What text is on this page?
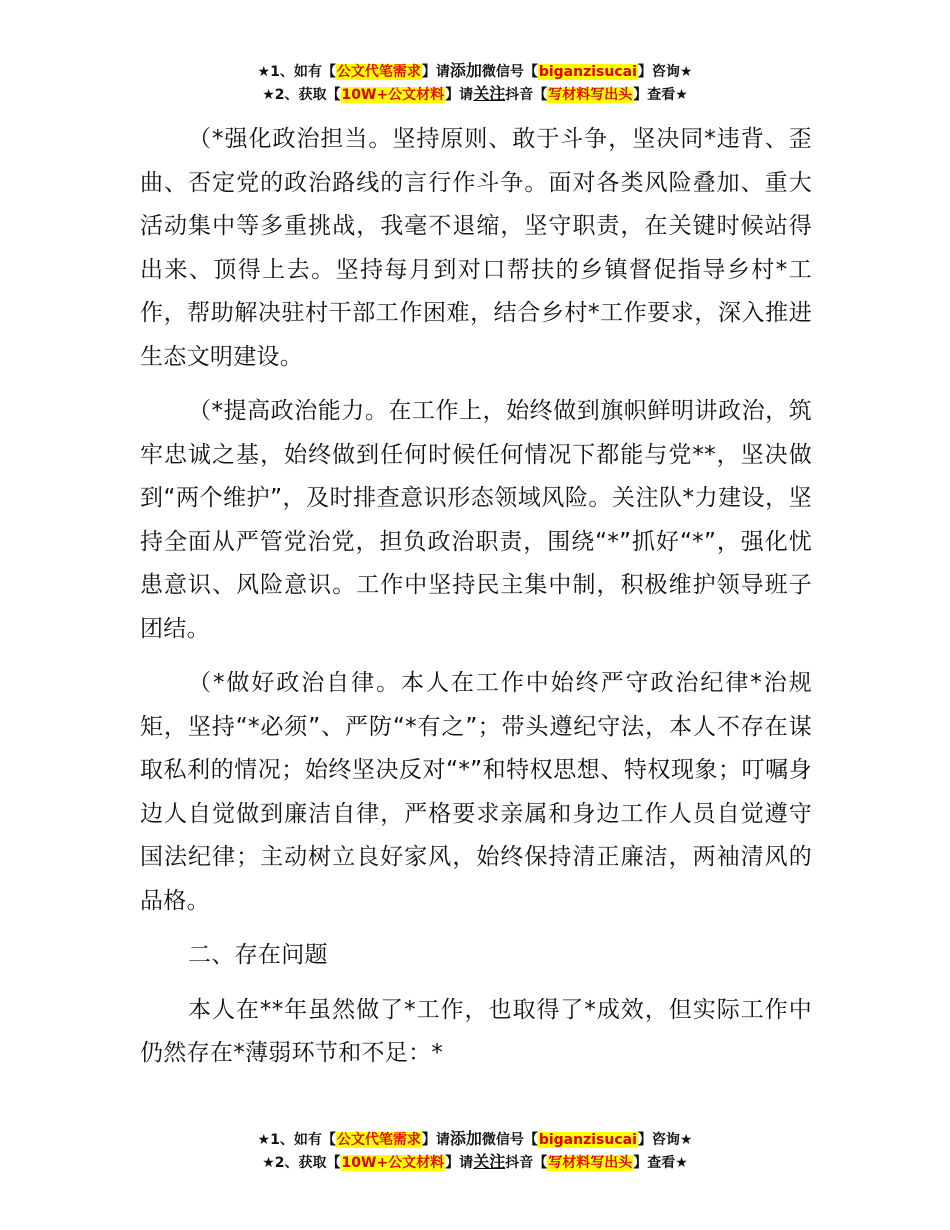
★1、如有【公文代笔需求】请添加微信号【biganzisucai】咨询★
★2、获取【10W+公文材料】请关注抖音【写材料写出头】查看★

（*强化政治担当。坚持原则、敢于斗争，坚决同*违背、歪曲、否定党的政治路线的言行作斗争。面对各类风险叠加、重大活动集中等多重挑战，我毫不退缩，坚守职责，在关键时候站得出来、顶得上去。坚持每月到对口帮扶的乡镇督促指导乡村*工作，帮助解决驻村干部工作困难，结合乡村*工作要求，深入推进生态文明建设。

（*提高政治能力。在工作上，始终做到旗帜鲜明讲政治，筑牢忠诚之基，始终做到任何时候任何情况下都能与党**，坚决做到“两个维护”，及时排查意识形态领域风险。关注队*力建设，坚持全面从严管党治党，担负政治职责，围绕“*”抓好“*”，强化忧患意识、风险意识。工作中坚持民主集中制，积极维护领导班子团结。

（*做好政治自律。本人在工作中始终严守政治纪律*治规矩，坚持“*必须”、严防“*有之”；带头遵纪守法，本人不存在谋取私利的情况；始终坚决反对“*”和特权思想、特权现象；叮嘱身边人自觉做到廉洁自律，严格要求亲属和身边工作人员自觉遵守国法纪律；主动树立良好家风，始终保持清正廉洁，两袖清风的品格。

二、存在问题

本人在**年虽然做了*工作，也取得了*成效，但实际工作中仍然存在*薄弱环节和不足：*

★1、如有【公文代笔需求】请添加微信号【biganzisucai】咨询★
★2、获取【10W+公文材料】请关注抖音【写材料写出头】查看★
